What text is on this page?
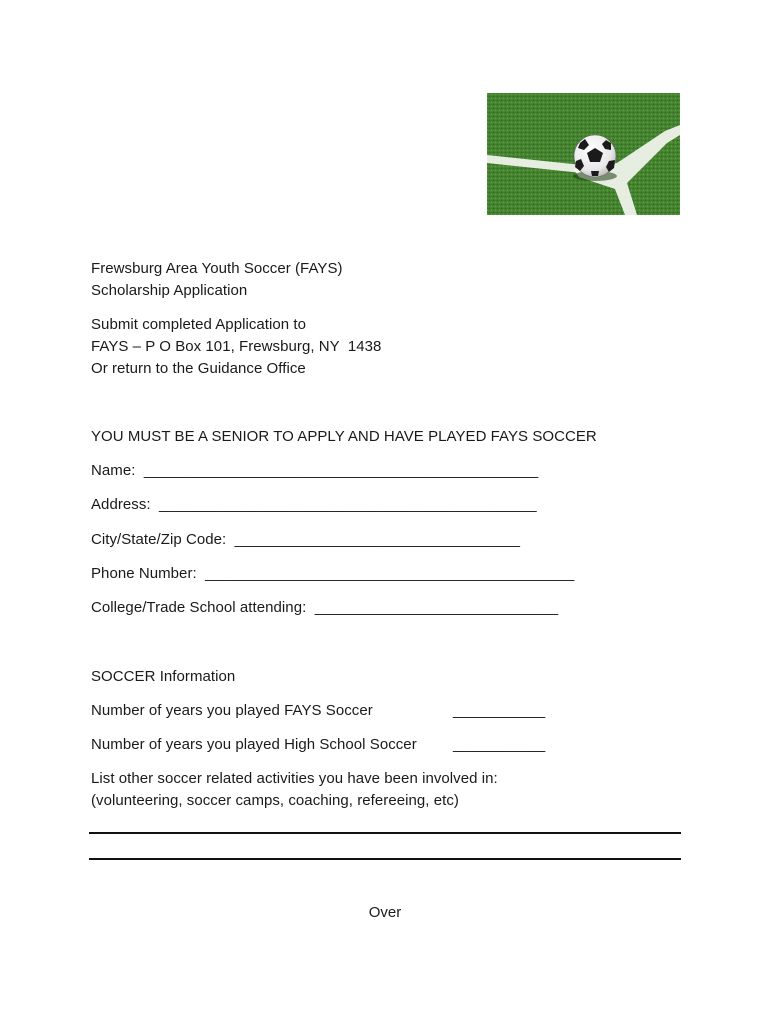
Frewsburg Area Youth Soccer (FAYS)
Scholarship Application
Submit completed Application to
FAYS – P O Box 101, Frewsburg, NY  1438
Or return to the Guidance Office
YOU MUST BE A SENIOR TO APPLY AND HAVE PLAYED FAYS SOCCER
Name:  _______________________________________________
Address:  _____________________________________________
City/State/Zip Code:  __________________________________
Phone Number:  ____________________________________________
College/Trade School attending:  _____________________________
SOCCER Information
Number of years you played FAYS Soccer	___________
Number of years you played High School Soccer ___________
List other soccer related activities you have been involved in:
(volunteering, soccer camps, coaching, refereeing, etc)
Over
